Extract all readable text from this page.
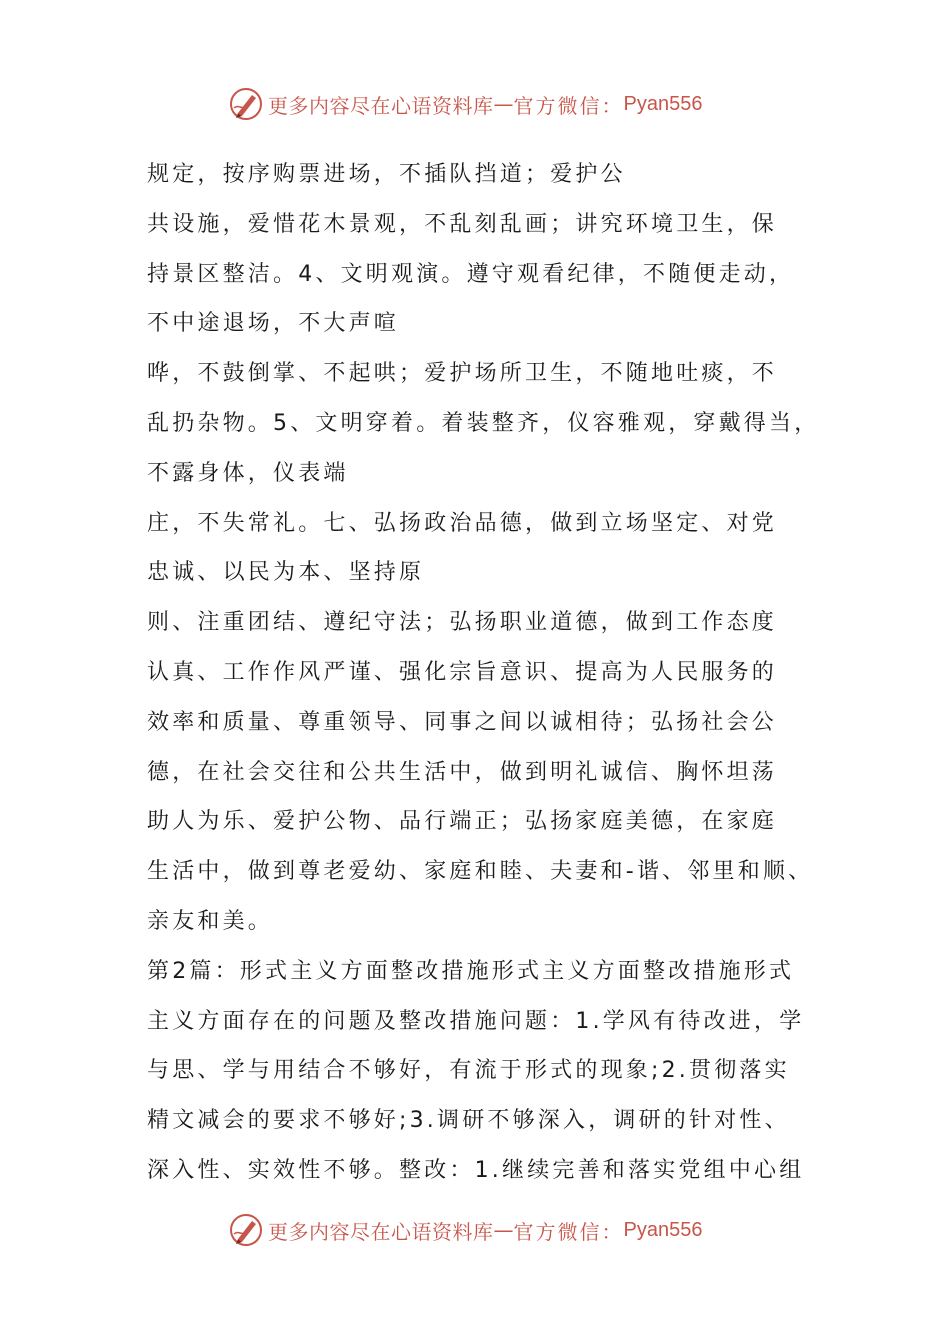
更多内容尽在心语资料库 — 官方微信： Pyan556
规定，按序购票进场，不插队挡道；爱护公
共设施，爱惜花木景观，不乱刻乱画；讲究环境卫生，保
持景区整洁。4、文明观演。遵守观看纪律，不随便走动，
不中途退场，不大声喧
哗，不鼓倒掌、不起哄；爱护场所卫生，不随地吐痰，不
乱扔杂物。5、文明穿着。着装整齐，仪容雅观，穿戴得当，
不露身体，仪表端
庄，不失常礼。七、弘扬政治品德，做到立场坚定、对党
忠诚、以民为本、坚持原
则、注重团结、遵纪守法；弘扬职业道德，做到工作态度
认真、工作作风严谨、强化宗旨意识、提高为人民服务的
效率和质量、尊重领导、同事之间以诚相待；弘扬社会公
德，在社会交往和公共生活中，做到明礼诚信、胸怀坦荡
助人为乐、爱护公物、品行端正；弘扬家庭美德，在家庭
生活中，做到尊老爱幼、家庭和睦、夫妻和-谐、邻里和顺、
亲友和美。
第2篇：形式主义方面整改措施形式主义方面整改措施形式
主义方面存在的问题及整改措施问题：1.学风有待改进，学
与思、学与用结合不够好，有流于形式的现象;2.贯彻落实
精文减会的要求不够好;3.调研不够深入，调研的针对性、
深入性、实效性不够。整改：1.继续完善和落实党组中心组
更多内容尽在心语资料库 — 官方微信： Pyan556
